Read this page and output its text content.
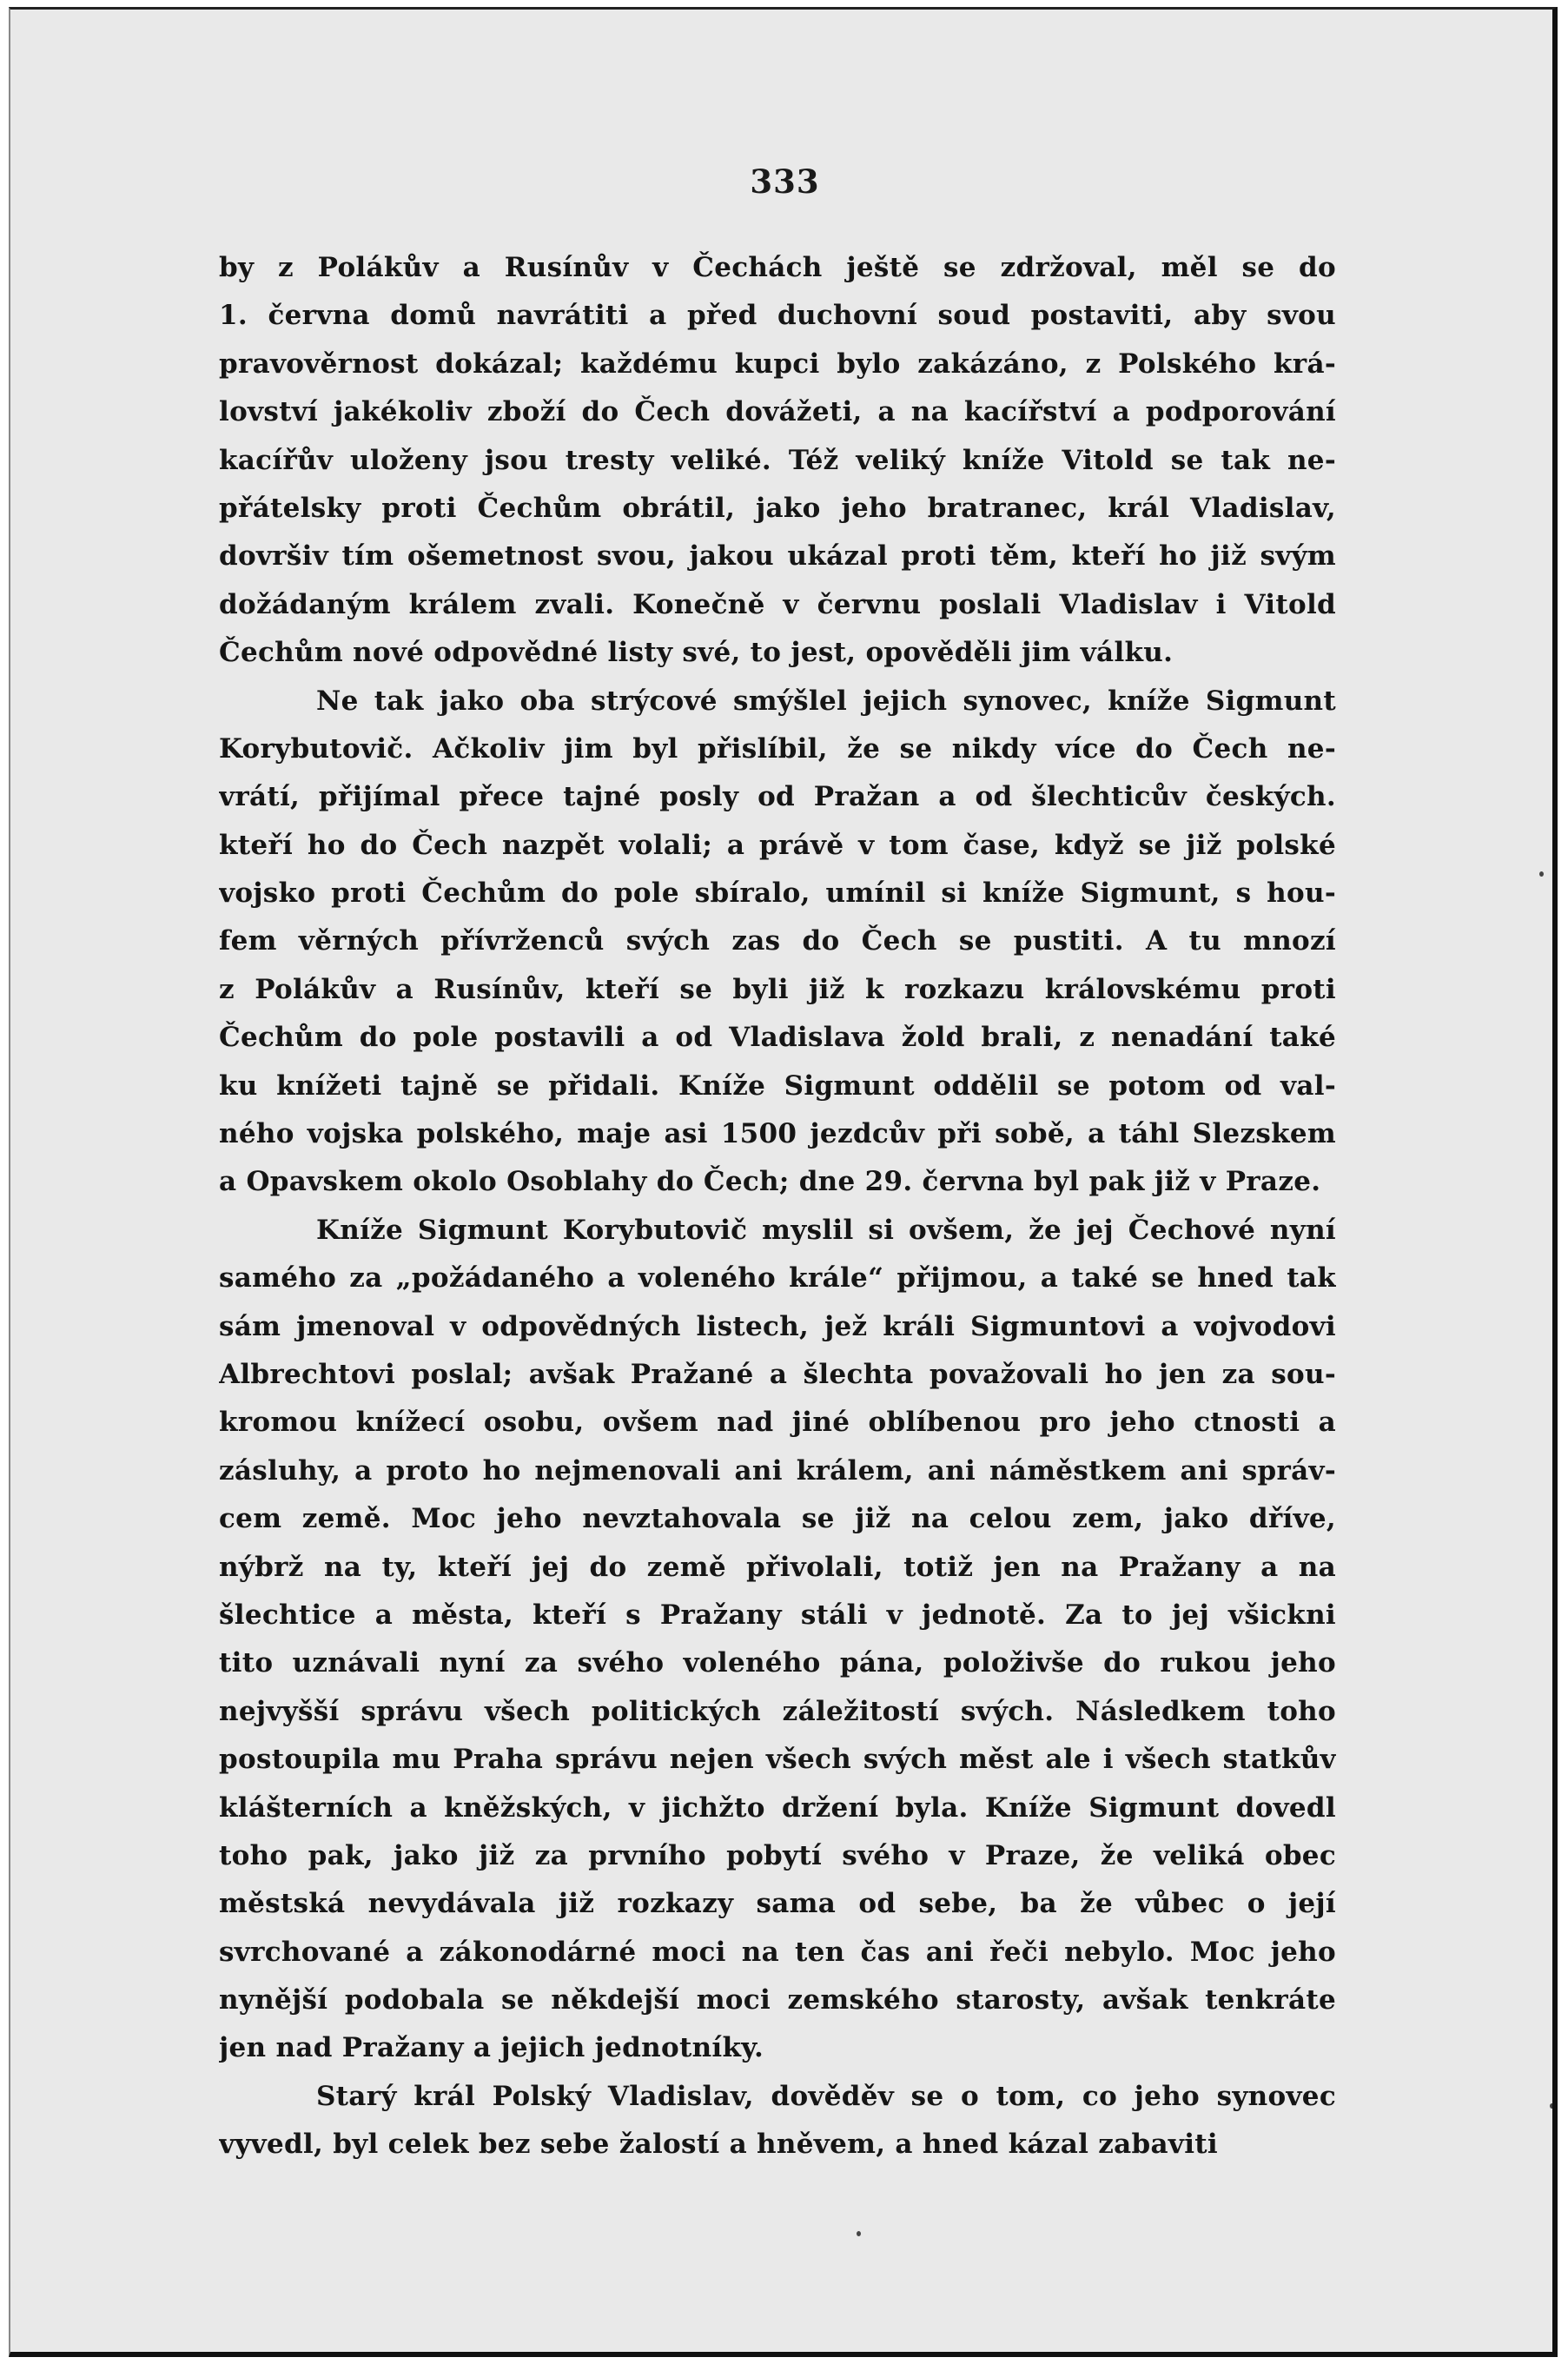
333
by z Polákův a Rusínův v Čechách ještě se zdržoval, měl se do
1. června domů navrátiti a před duchovní soud postaviti, aby svou
pravověrnost dokázal; každému kupci bylo zakázáno, z Polského krá-
lovství jakékoliv zboží do Čech dovážeti, a na kacířství a podporování
kacířův uloženy jsou tresty veliké. Též veliký kníže Vitold se tak ne-
přátelsky proti Čechům obrátil, jako jeho bratranec, král Vladislav,
dovršiv tím ošemetnost svou, jakou ukázal proti těm, kteří ho již svým
dožádaným králem zvali. Konečně v červnu poslali Vladislav i Vitold
Čechům nové odpovědné listy své, to jest, opověděli jim válku.
Ne tak jako oba strýcové smýšlel jejich synovec, kníže Sigmunt
Korybutovič. Ačkoliv jim byl přislíbil, že se nikdy více do Čech ne-
vrátí, přijímal přece tajné posly od Pražan a od šlechticův českých.
kteří ho do Čech nazpět volali; a právě v tom čase, když se již polské
vojsko proti Čechům do pole sbíralo, umínil si kníže Sigmunt, s hou-
fem věrných přívrženců svých zas do Čech se pustiti. A tu mnozí
z Polákův a Rusínův, kteří se byli již k rozkazu královskému proti
Čechům do pole postavili a od Vladislava žold brali, z nenadání také
ku knížeti tajně se přidali. Kníže Sigmunt oddělil se potom od val-
ného vojska polského, maje asi 1500 jezdcův při sobě, a táhl Slezskem
a Opavskem okolo Osoblahy do Čech; dne 29. června byl pak již v Praze.
Kníže Sigmunt Korybutovič myslil si ovšem, že jej Čechové nyní
samého za „požádaného a voleného krále“ přijmou, a také se hned tak
sám jmenoval v odpovědných listech, jež králi Sigmuntovi a vojvodovi
Albrechtovi poslal; avšak Pražané a šlechta považovali ho jen za sou-
kromou knížecí osobu, ovšem nad jiné oblíbenou pro jeho ctnosti a
zásluhy, a proto ho nejmenovali ani králem, ani náměstkem ani správ-
cem země. Moc jeho nevztahovala se již na celou zem, jako dříve,
nýbrž na ty, kteří jej do země přivolali, totiž jen na Pražany a na
šlechtice a města, kteří s Pražany stáli v jednotě. Za to jej všickni
tito uznávali nyní za svého voleného pána, položivše do rukou jeho
nejvyšší správu všech politických záležitostí svých. Následkem toho
postoupila mu Praha správu nejen všech svých měst ale i všech statkův
klášterních a kněžských, v jichžto držení byla. Kníže Sigmunt dovedl
toho pak, jako již za prvního pobytí svého v Praze, že veliká obec
městská nevydávala již rozkazy sama od sebe, ba že vůbec o její
svrchované a zákonodárné moci na ten čas ani řeči nebylo. Moc jeho
nynější podobala se někdejší moci zemského starosty, avšak tenkráte
jen nad Pražany a jejich jednotníky.
Starý král Polský Vladislav, dověděv se o tom, co jeho synovec
vyvedl, byl celek bez sebe žalostí a hněvem, a hned kázal zabaviti
